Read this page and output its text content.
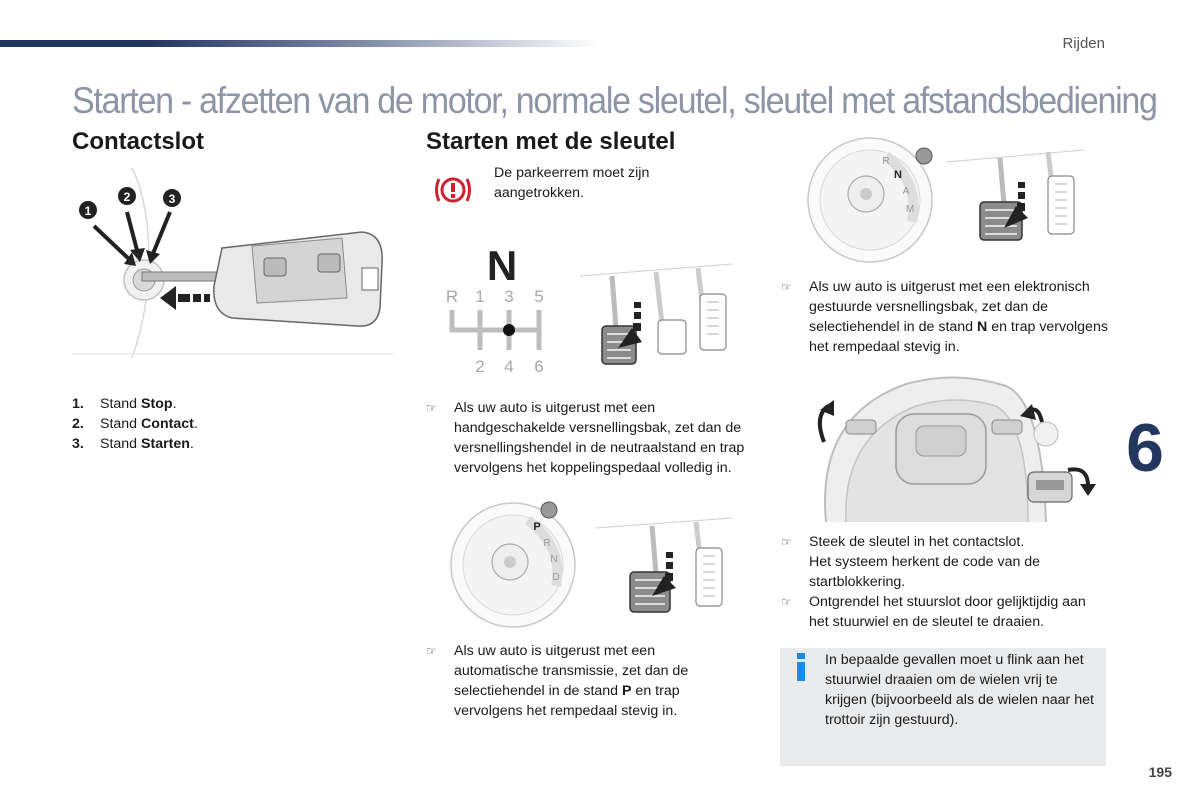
Rijden
Starten - afzetten van de motor, normale sleutel, sleutel met afstandsbediening
Contactslot
1
2	3
1.	Stand Stop.
2.	Stand Contact.
3.	Stand Starten.
Starten met de sleutel
De parkeerrem moet zijn aangetrokken.
N
R 1 3 5
2 4 6
☞ Als uw auto is uitgerust met een handgeschakelde versnellingsbak, zet dan de versnellingshendel in de neutraalstand en trap vervolgens het koppelingspedaal volledig in.
P
R
N
D
☞ Als uw auto is uitgerust met een automatische transmissie, zet dan de selectiehendel in de stand P en trap vervolgens het rempedaal stevig in.
R
N
A
M
☞ Als uw auto is uitgerust met een elektronisch gestuurde versnellingsbak, zet dan de selectiehendel in de stand N en trap vervolgens het rempedaal stevig in.
☞ Steek de sleutel in het contactslot.
Het systeem herkent de code van de startblokkering.
☞ Ontgrendel het stuurslot door gelijktijdig aan het stuurwiel en de sleutel te draaien.
In bepaalde gevallen moet u flink aan het stuurwiel draaien om de wielen vrij te krijgen (bijvoorbeeld als de wielen naar het trottoir zijn gestuurd).
6
195
